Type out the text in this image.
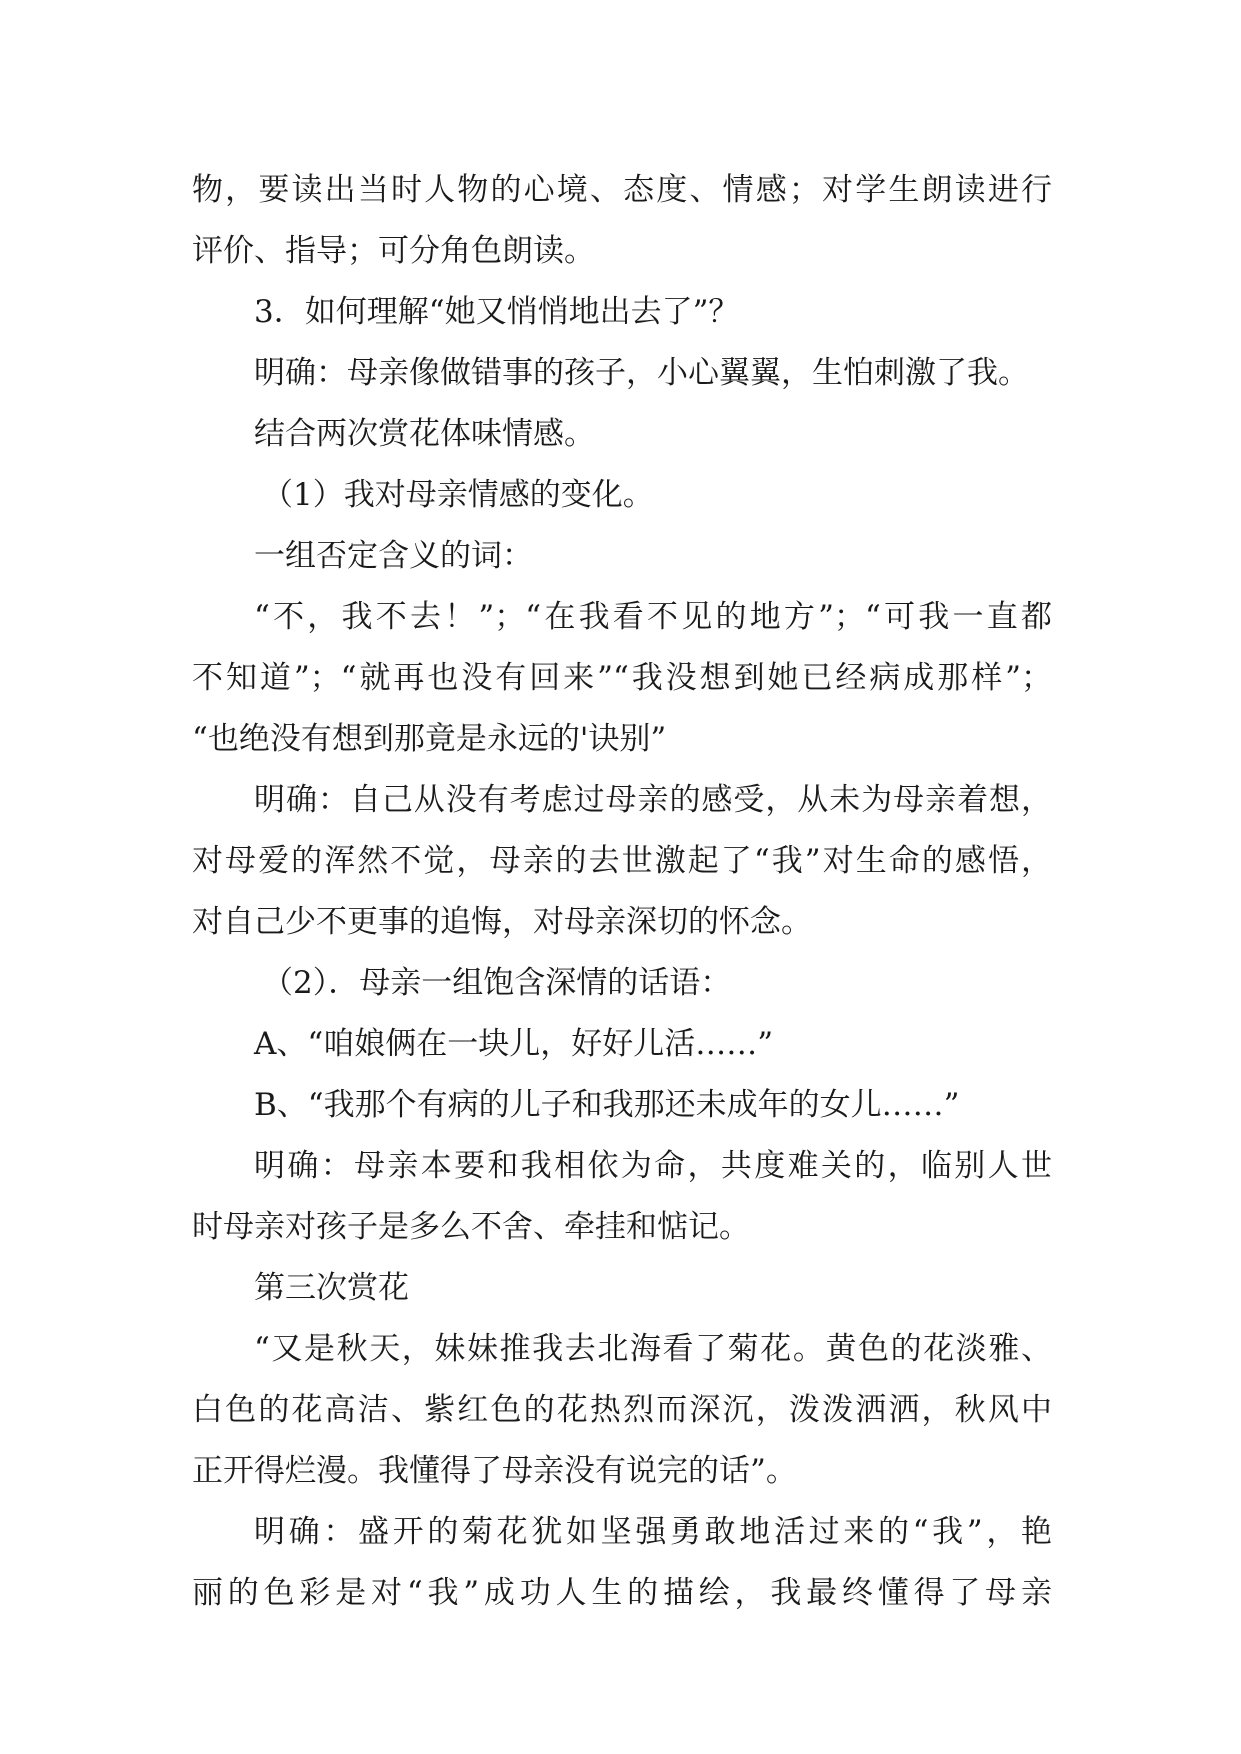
物，要读出当时人物的心境、态度、情感；对学生朗读进行
评价、指导；可分角色朗读。
3．如何理解“她又悄悄地出去了”？
明确：母亲像做错事的孩子，小心翼翼，生怕刺激了我。
结合两次赏花体味情感。
（1）我对母亲情感的变化。
一组否定含义的词：
“不，我不去！”；“在我看不见的地方”；“可我一直都
不知道”；“就再也没有回来”“我没想到她已经病成那样”；
“也绝没有想到那竟是永远的'诀别”
明确：自己从没有考虑过母亲的感受，从未为母亲着想，
对母爱的浑然不觉，母亲的去世激起了“我”对生命的感悟，
对自己少不更事的追悔，对母亲深切的怀念。
（2）．母亲一组饱含深情的话语：
A、“咱娘俩在一块儿，好好儿活……”
B、“我那个有病的儿子和我那还未成年的女儿……”
明确：母亲本要和我相依为命，共度难关的，临别人世
时母亲对孩子是多么不舍、牵挂和惦记。
第三次赏花
“又是秋天，妹妹推我去北海看了菊花。黄色的花淡雅、
白色的花高洁、紫红色的花热烈而深沉，泼泼洒洒，秋风中
正开得烂漫。我懂得了母亲没有说完的话”。
明确：盛开的菊花犹如坚强勇敢地活过来的“我”，艳
丽的色彩是对“我”成功人生的描绘，我最终懂得了母亲
